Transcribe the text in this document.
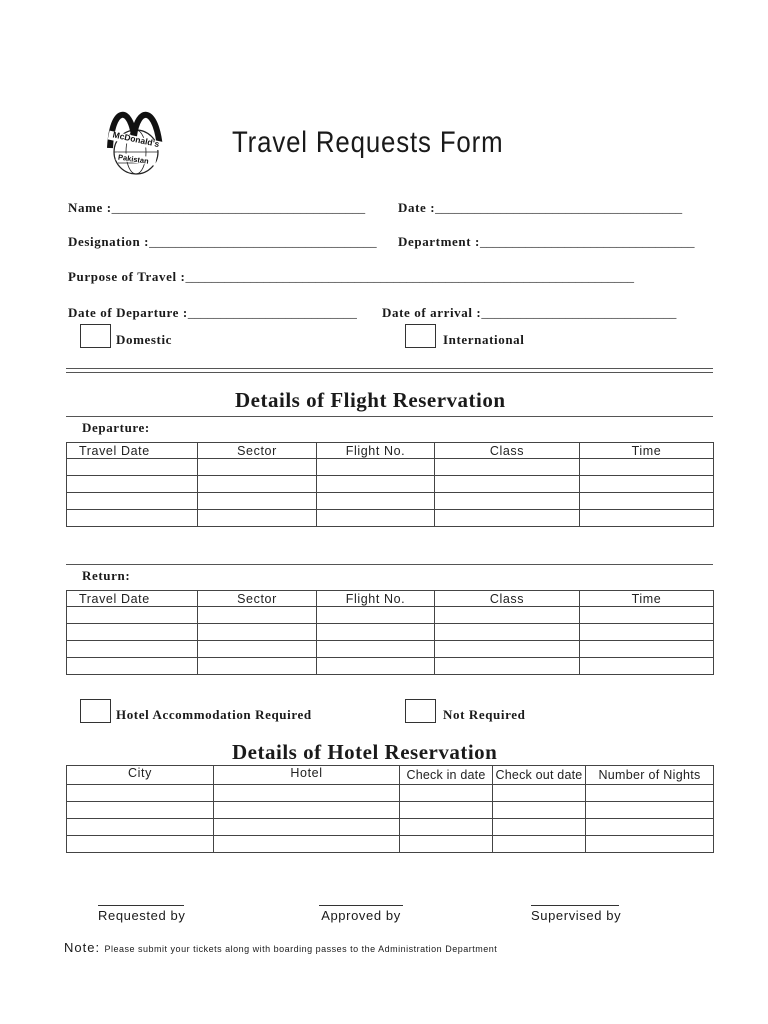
McDonald's
Pakistan
Travel Requests Form
Name :_______________________________________	Date :______________________________________
Designation :___________________________________ Department :_________________________________
Purpose of Travel :_____________________________________________________________________
Date of Departure :__________________________ Date of arrival :______________________________
Domestic	International
Details of Flight Reservation
Departure:
Travel Date	Sector	Flight No.	Class	Time

Return:
Travel Date	Sector	Flight No.	Class	Time

Hotel Accommodation Required	Not Required
Details of Hotel Reservation
City	Hotel	Check in date	Check out date	Number of Nights

Requested by	Approved by	Supervised by
Note: Please submit your tickets along with boarding passes to the Administration Department
